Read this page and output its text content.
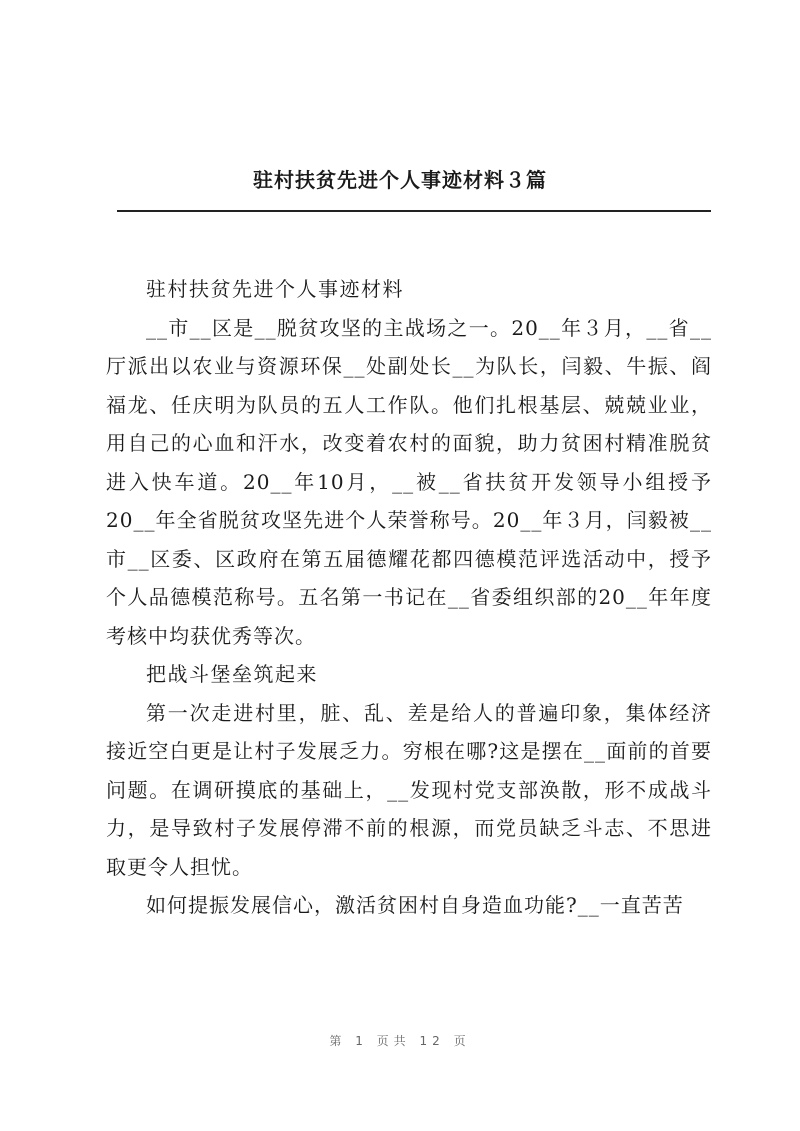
驻村扶贫先进个人事迹材料３篇

驻村扶贫先进个人事迹材料

__市__区是__脱贫攻坚的主战场之一。20__年３月，__省__厅派出以农业与资源环保__处副处长__为队长，闫毅、牛振、阎福龙、任庆明为队员的五人工作队。他们扎根基层、兢兢业业，用自己的心血和汗水，改变着农村的面貌，助力贫困村精准脱贫进入快车道。20__年10月，__被__省扶贫开发领导小组授予20__年全省脱贫攻坚先进个人荣誉称号。20__年３月，闫毅被__市__区委、区政府在第五届德耀花都四德模范评选活动中，授予个人品德模范称号。五名第一书记在__省委组织部的20__年年度考核中均获优秀等次。

把战斗堡垒筑起来

第一次走进村里，脏、乱、差是给人的普遍印象，集体经济接近空白更是让村子发展乏力。穷根在哪?这是摆在__面前的首要问题。在调研摸底的基础上，__发现村党支部涣散，形不成战斗力，是导致村子发展停滞不前的根源，而党员缺乏斗志、不思进取更令人担忧。

如何提振发展信心，激活贫困村自身造血功能?__一直苦苦

第 1 页共 12 页
